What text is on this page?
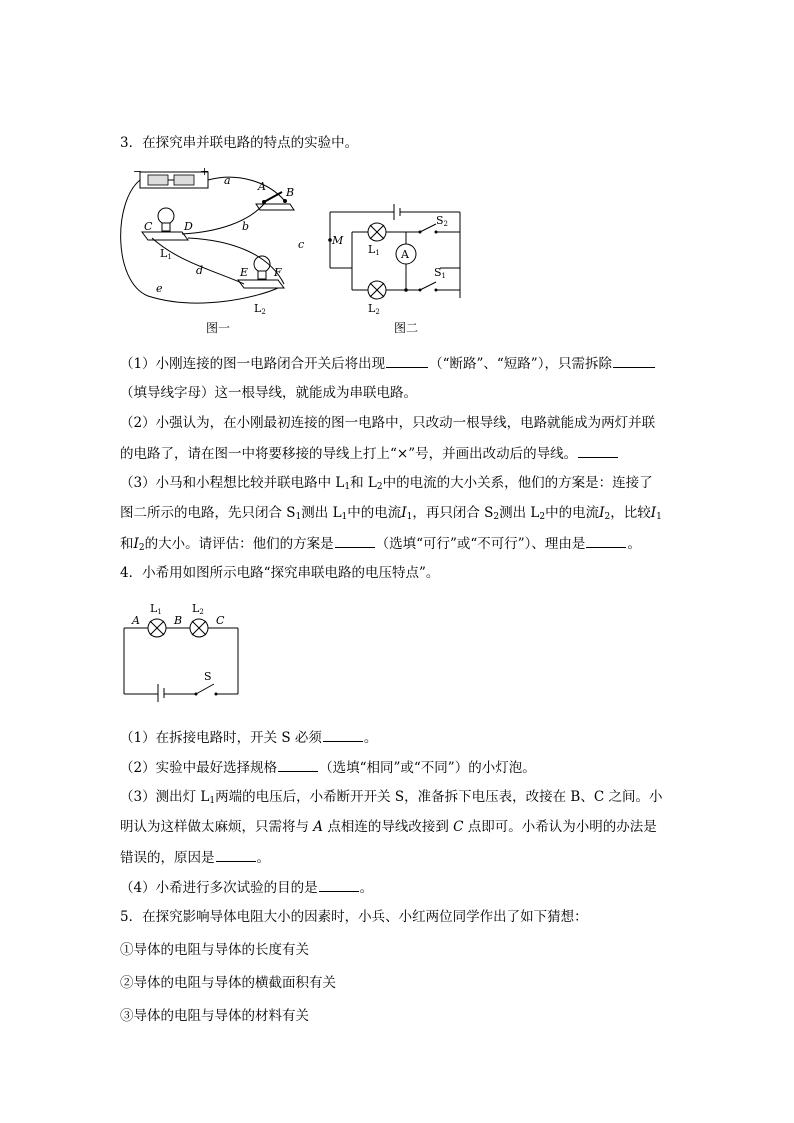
3．在探究串并联电路的特点的实验中。
−	+
A B
C	D
L1
E F
L2
a
b
c
d
e
图一
M
L1
L2
A
S2
S1
图二
（1）小刚连接的图一电路闭合开关后将出现	（“断路”、“短路”），只需拆除
（填导线字母）这一根导线，就能成为串联电路。
（2）小强认为，在小刚最初连接的图一电路中，只改动一根导线，电路就能成为两灯并联
的电路了，请在图一中将要移接的导线上打上“×”号，并画出改动后的导线。
（3）小马和小程想比较并联电路中 $L_1$和 $L_2$中的电流的大小关系，他们的方案是：连接了
图二所示的电路，先只闭合 $S_1$测出 $L_1$中的电流$I_1$，再只闭合 $S_2$测出 $L_2$中的电流$I_2$，比较$I_1$
和$I_2$的大小。请评估：他们的方案是	（选填“可行”或“不可行”）、理由是	。
4．小希用如图所示电路“探究串联电路的电压特点”。
A	B	C
L1	L2
S
（1）在拆接电路时，开关 S 必须	。
（2）实验中最好选择规格	（选填“相同”或“不同”）的小灯泡。
（3）测出灯 $L_1$两端的电压后，小希断开开关 S，准备拆下电压表，改接在 B、C 之间。小
明认为这样做太麻烦，只需将与 A 点相连的导线改接到 C 点即可。小希认为小明的办法是
错误的，原因是	。
（4）小希进行多次试验的目的是	。
5．在探究影响导体电阻大小的因素时，小兵、小红两位同学作出了如下猜想：
①导体的电阻与导体的长度有关
②导体的电阻与导体的横截面积有关
③导体的电阻与导体的材料有关
